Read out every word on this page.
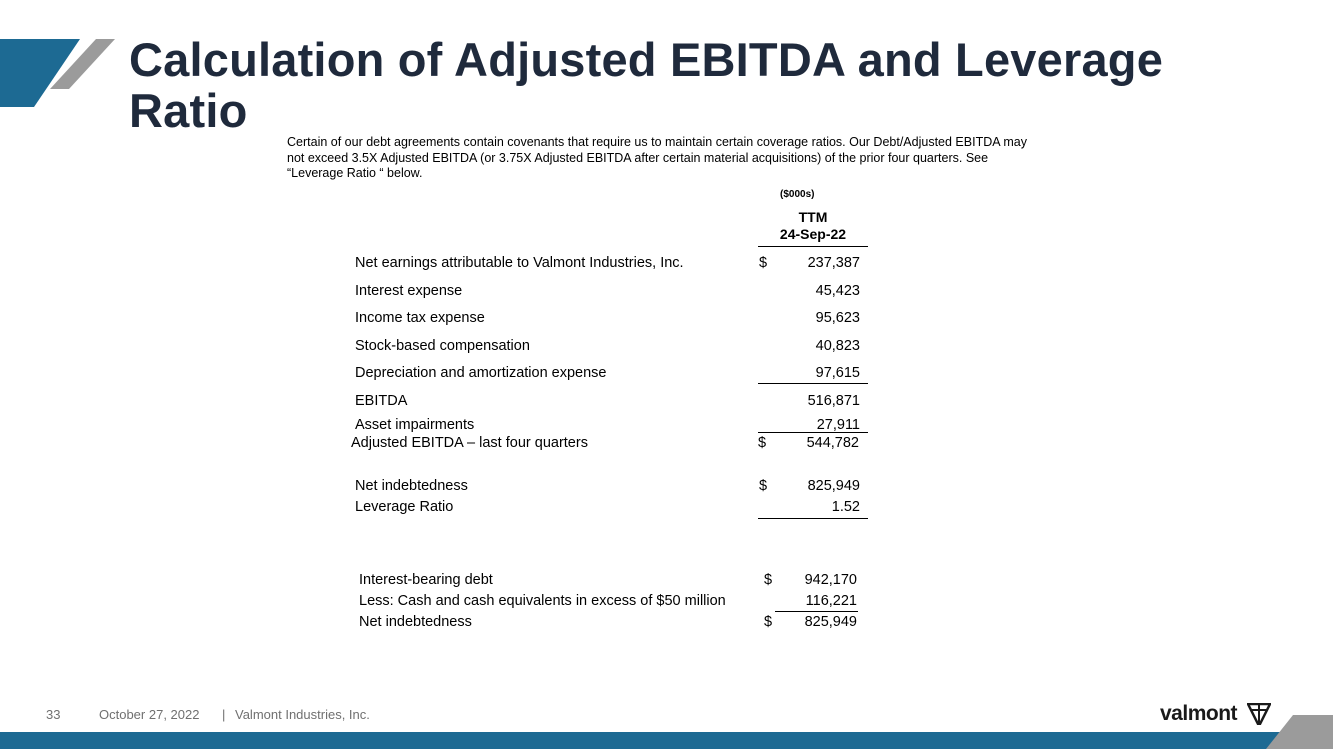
Calculation of Adjusted EBITDA and Leverage Ratio
Certain of our debt agreements contain covenants that require us to maintain certain coverage ratios. Our Debt/Adjusted EBITDA may not exceed 3.5X Adjusted EBITDA (or 3.75X Adjusted EBITDA after certain material acquisitions) of the prior four quarters. See “Leverage Ratio “ below.
($000s)
TTM
24-Sep-22
Net earnings attributable to Valmont Industries, Inc.	$	237,387
Interest expense	45,423
Income tax expense	95,623
Stock-based compensation	40,823
Depreciation and amortization expense	97,615
EBITDA	516,871
Asset impairments	27,911
Adjusted EBITDA – last four quarters	$	544,782
Net indebtedness	$	825,949
Leverage Ratio	1.52
Interest-bearing debt	$	942,170
Less: Cash and cash equivalents in excess of $50 million	116,221
Net indebtedness	$	825,949
33	October 27, 2022 | Valmont Industries, Inc.	valmont
